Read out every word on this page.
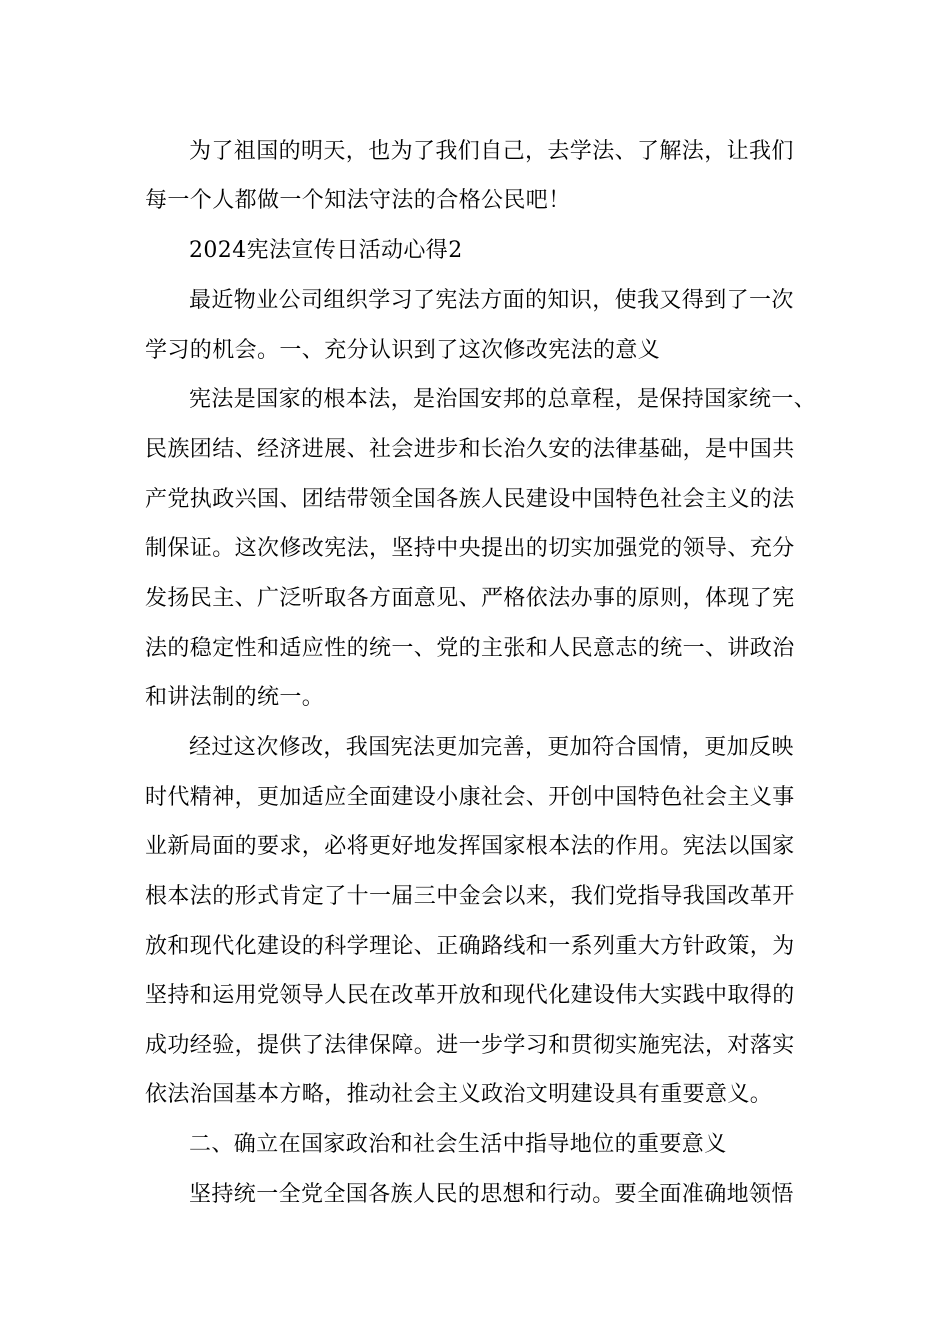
为了祖国的明天，也为了我们自己，去学法、了解法，让我们
每一个人都做一个知法守法的合格公民吧！
2024宪法宣传日活动心得2
最近物业公司组织学习了宪法方面的知识，使我又得到了一次
学习的机会。一、充分认识到了这次修改宪法的意义
宪法是国家的根本法，是治国安邦的总章程，是保持国家统一、
民族团结、经济进展、社会进步和长治久安的法律基础，是中国共
产党执政兴国、团结带领全国各族人民建设中国特色社会主义的法
制保证。这次修改宪法，坚持中央提出的切实加强党的领导、充分
发扬民主、广泛听取各方面意见、严格依法办事的原则，体现了宪
法的稳定性和适应性的统一、党的主张和人民意志的统一、讲政治
和讲法制的统一。
经过这次修改，我国宪法更加完善，更加符合国情，更加反映
时代精神，更加适应全面建设小康社会、开创中国特色社会主义事
业新局面的要求，必将更好地发挥国家根本法的作用。宪法以国家
根本法的形式肯定了十一届三中金会以来，我们党指导我国改革开
放和现代化建设的科学理论、正确路线和一系列重大方针政策，为
坚持和运用党领导人民在改革开放和现代化建设伟大实践中取得的
成功经验，提供了法律保障。进一步学习和贯彻实施宪法，对落实
依法治国基本方略，推动社会主义政治文明建设具有重要意义。
二、确立在国家政治和社会生活中指导地位的重要意义
坚持统一全党全国各族人民的思想和行动。要全面准确地领悟
